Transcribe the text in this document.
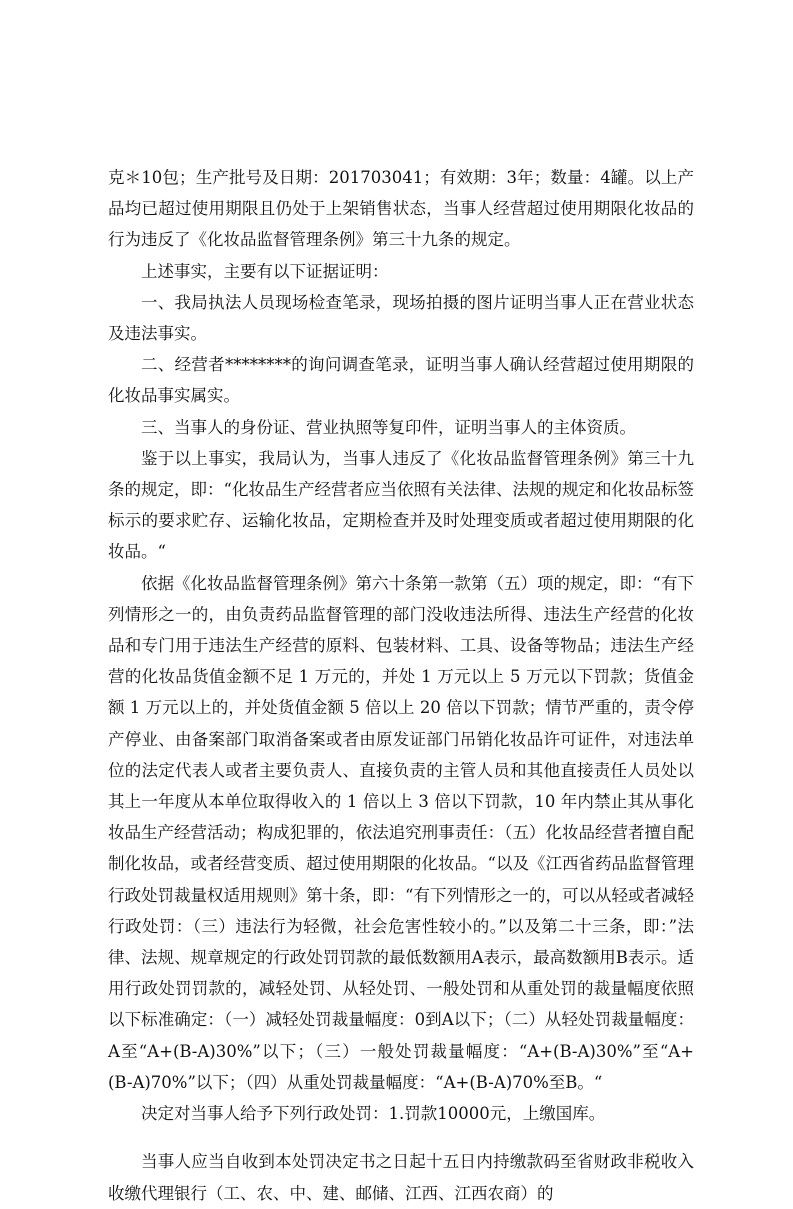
克＊10包；生产批号及日期：201703041；有效期：3年；数量：4罐。以上产品均已超过使用期限且仍处于上架销售状态，当事人经营超过使用期限化妆品的行为违反了《化妆品监督管理条例》第三十九条的规定。

上述事实，主要有以下证据证明：

一、我局执法人员现场检查笔录，现场拍摄的图片证明当事人正在营业状态及违法事实。

二、经营者********的询问调查笔录，证明当事人确认经营超过使用期限的化妆品事实属实。

三、当事人的身份证、营业执照等复印件，证明当事人的主体资质。

鉴于以上事实，我局认为，当事人违反了《化妆品监督管理条例》第三十九条的规定，即：“化妆品生产经营者应当依照有关法律、法规的规定和化妆品标签标示的要求贮存、运输化妆品，定期检查并及时处理变质或者超过使用期限的化妆品。“

依据《化妆品监督管理条例》第六十条第一款第（五）项的规定，即：“有下列情形之一的，由负责药品监督管理的部门没收违法所得、违法生产经营的化妆品和专门用于违法生产经营的原料、包装材料、工具、设备等物品；违法生产经营的化妆品货值金额不足 1 万元的，并处 1 万元以上 5 万元以下罚款；货值金额 1 万元以上的，并处货值金额 5 倍以上 20 倍以下罚款；情节严重的，责令停产停业、由备案部门取消备案或者由原发证部门吊销化妆品许可证件，对违法单位的法定代表人或者主要负责人、直接负责的主管人员和其他直接责任人员处以其上一年度从本单位取得收入的 1 倍以上 3 倍以下罚款，10 年内禁止其从事化妆品生产经营活动；构成犯罪的，依法追究刑事责任：（五）化妆品经营者擅自配制化妆品，或者经营变质、超过使用期限的化妆品。“以及《江西省药品监督管理行政处罚裁量权适用规则》第十条，即：“有下列情形之一的，可以从轻或者减轻行政处罚：（三）违法行为轻微，社会危害性较小的。”以及第二十三条，即：”法律、法规、规章规定的行政处罚罚款的最低数额用A表示，最高数额用B表示。适用行政处罚罚款的，减轻处罚、从轻处罚、一般处罚和从重处罚的裁量幅度依照以下标准确定：（一）减轻处罚裁量幅度：0到A以下；（二）从轻处罚裁量幅度：A至“A+(B-A)30%”以下；（三）一般处罚裁量幅度：“A+(B-A)30%”至“A+(B-A)70%”以下；（四）从重处罚裁量幅度：“A+(B-A)70%至B。“

决定对当事人给予下列行政处罚：1.罚款10000元，上缴国库。

当事人应当自收到本处罚决定书之日起十五日内持缴款码至省财政非税收入收缴代理银行（工、农、中、建、邮储、江西、江西农商）的
